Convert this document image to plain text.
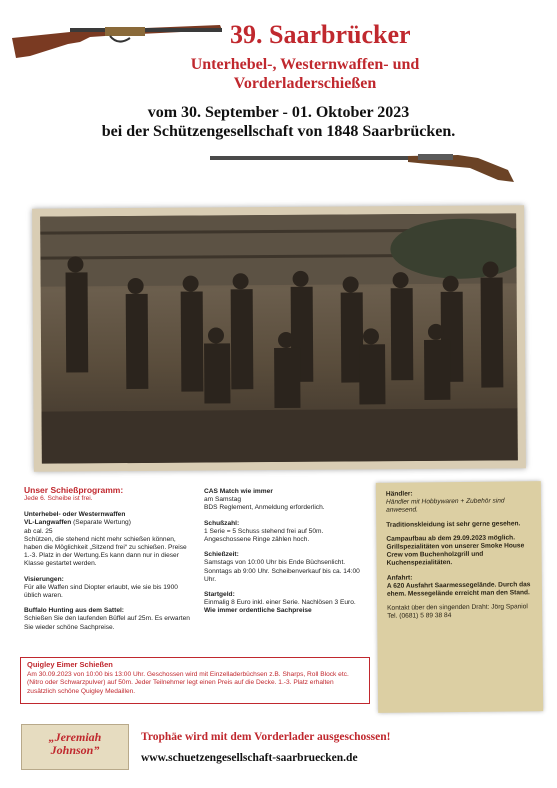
39. Saarbrücker
Unterhebel-, Westernwaffen- und
Vorderladerschießen
vom 30. September - 01. Oktober 2023
bei der Schützengesellschaft von 1848 Saarbrücken.
Unser Schießprogramm:
Jede 6. Scheibe ist frei.
Unterhebel- oder Westernwaffen
VL-Langwaffen (Separate Wertung)
ab cal. 25
Schützen, die stehend nicht mehr schießen können, haben die Möglichkeit „Sitzend frei“ zu schießen. Preise 1.-3. Platz in der Wertung.Es kann dann nur in dieser Klasse gestartet werden.
Visierungen:
Für alle Waffen sind Diopter erlaubt, wie sie bis 1900 üblich waren.
Buffalo Hunting aus dem Sattel:
Schießen Sie den laufenden Büffel auf 25m. Es erwarten Sie wieder schöne Sachpreise.
CAS Match wie immer
am Samstag
BDS Reglement, Anmeldung erforderlich.
Schußzahl:
1 Serie = 5 Schuss stehend frei auf 50m. Angeschossene Ringe zählen hoch.
Schießzeit:
Samstags von 10:00 Uhr bis Ende Büchsenlicht. Sonntags ab 9:00 Uhr. Scheibenverkauf bis ca. 14:00 Uhr.
Startgeld:
Einmalig 8 Euro inkl. einer Serie. Nachlösen 3 Euro.
Wie immer ordentliche Sachpreise
Händler:

Händler mit Hobbywaren + Zubehör sind anwesend.

Traditionskleidung ist sehr gerne gesehen.

Campaufbau ab dem 29.09.2023 möglich. Grillspezialitäten von unserer Smoke House Crew vom Buchenholzgrill und Kuchenspezialitäten.

Anfahrt:

A 620 Ausfahrt Saarmessegelände. Durch das ehem. Messegelände erreicht man den Stand.

Kontakt über den singenden Draht: Jörg Spaniol
Tel. (0681) 5 89 38 84
Quigley Eimer Schießen
Am 30.09.2023 von 10:00 bis 13:00 Uhr. Geschossen wird mit Einzelladerbüchsen z.B. Sharps, Roll Block etc. (Nitro oder Schwarzpulver) auf 50m. Jeder Teilnehmer legt einen Preis auf die Decke. 1.-3. Platz erhalten zusätzlich schöne Quigley Medaillen.
„Jeremiah
Johnson”
Trophäe wird mit dem Vorderlader ausgeschossen!
www.schuetzengesellschaft-saarbruecken.de
